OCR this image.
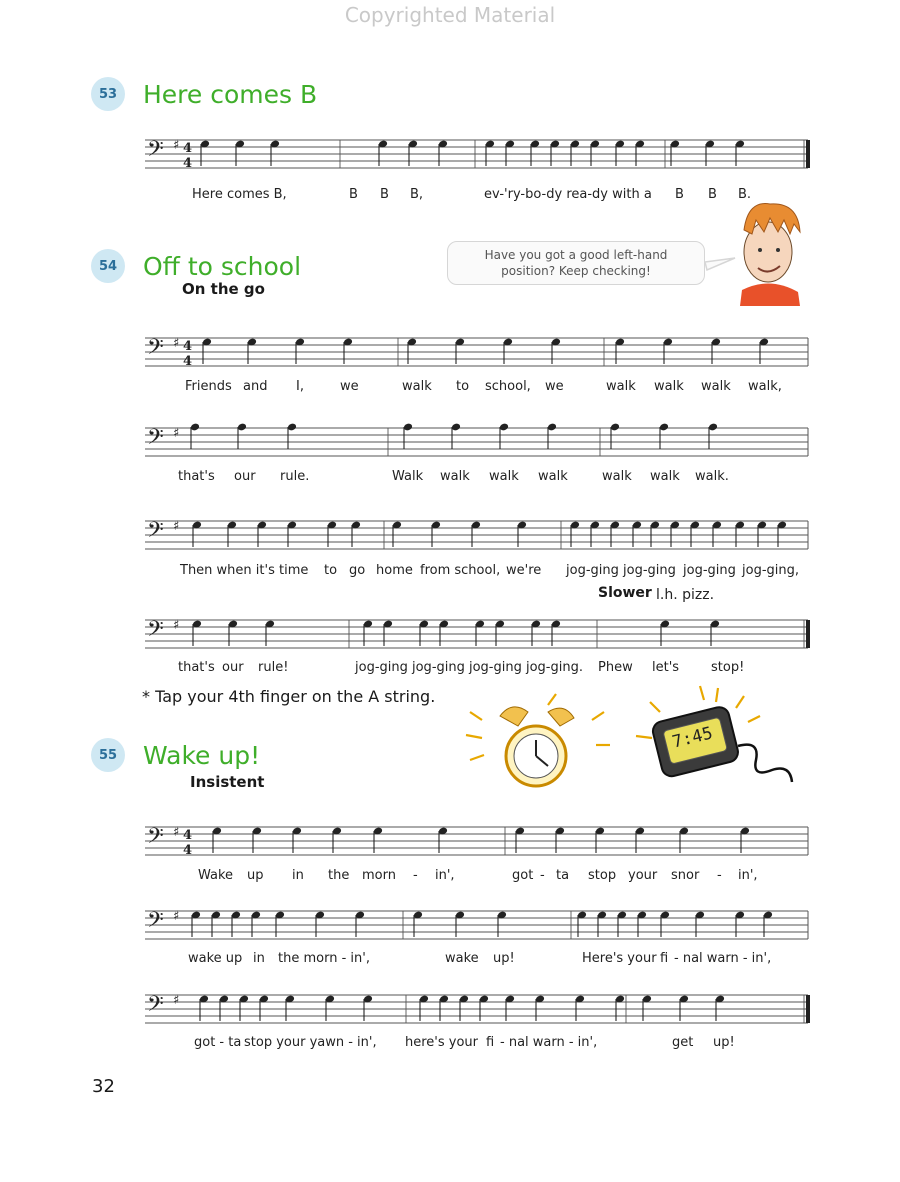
Copyrighted Material
𝄢 ♯
𝄢 ♯
𝄢 ♯
𝄢 ♯
𝄢 ♯
𝄢 ♯
𝄢 ♯
𝄢 ♯
4
4
4
4
4
4
53	Here comes B
Here comes B,	B B B,	ev-'ry-bo-dy rea-dy with a B B B.
54	Off to school
On the go
Have you got a good left-hand position? Keep checking!
Friends and I,	we	walk to school, we	walk walk walk walk,
that's our rule.	Walk walk walk walk	walk walk walk.
Then when it's time to go home from school, we're jog-ging jog-ging jog-ging jog-ging,
Slower l.h. pizz.
that's our rule!	jog-ging jog-ging jog-ging jog-ging. Phew let's stop!
* Tap your 4th finger on the A string.
7:45
55	Wake up!
Insistent
Wake up in the morn - in',	got - ta stop your snor - in',
wake up in the morn - in',	wake up!	Here's your fi - nal warn - in',
got - ta stop your yawn - in', here's your fi - nal warn - in',	get up!
32
